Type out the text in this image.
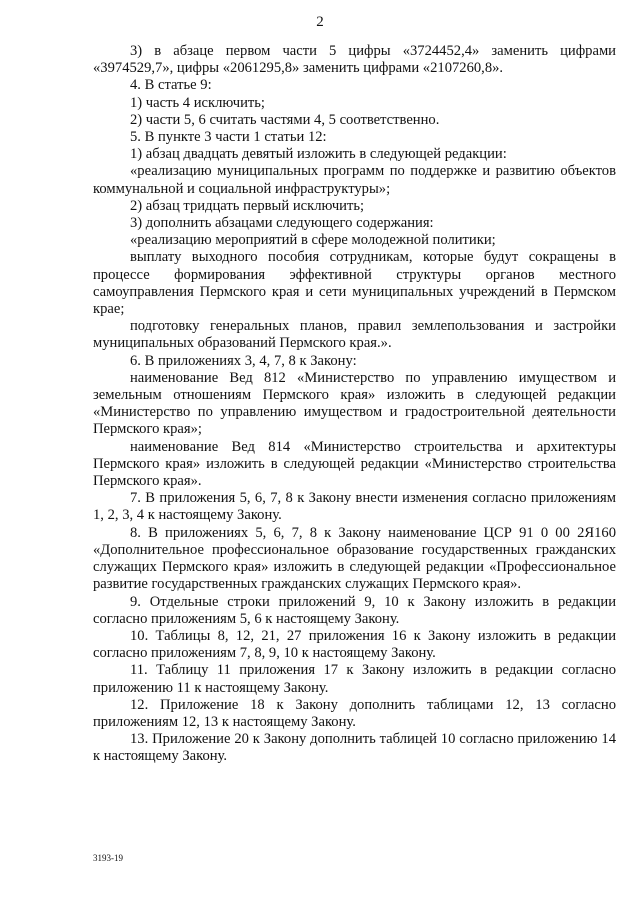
2

3) в абзаце первом части 5 цифры «3724452,4» заменить цифрами «3974529,7», цифры «2061295,8» заменить цифрами «2107260,8».

4. В статье 9:

1) часть 4 исключить;

2) части 5, 6 считать частями 4, 5 соответственно.

5. В пункте 3 части 1 статьи 12:

1) абзац двадцать девятый изложить в следующей редакции:

«реализацию муниципальных программ по поддержке и развитию объектов коммунальной и социальной инфраструктуры»;

2) абзац тридцать первый исключить;

3) дополнить абзацами следующего содержания:

«реализацию мероприятий в сфере молодежной политики;

выплату выходного пособия сотрудникам, которые будут сокращены в процессе формирования эффективной структуры органов местного самоуправления Пермского края и сети муниципальных учреждений в Пермском крае;

подготовку генеральных планов, правил землепользования и застройки муниципальных образований Пермского края.».

6. В приложениях 3, 4, 7, 8 к Закону:

наименование Вед 812 «Министерство по управлению имуществом и земельным отношениям Пермского края» изложить в следующей редакции «Министерство по управлению имуществом и градостроительной деятельности Пермского края»;

наименование Вед 814 «Министерство строительства и архитектуры Пермского края» изложить в следующей редакции «Министерство строительства Пермского края».

7. В приложения 5, 6, 7, 8 к Закону внести изменения согласно приложениям 1, 2, 3, 4 к настоящему Закону.

8. В приложениях 5, 6, 7, 8 к Закону наименование ЦСР 91 0 00 2Я160 «Дополнительное профессиональное образование государственных гражданских служащих Пермского края» изложить в следующей редакции «Профессиональное развитие государственных гражданских служащих Пермского края».

9. Отдельные строки приложений 9, 10 к Закону изложить в редакции согласно приложениям 5, 6 к настоящему Закону.

10. Таблицы 8, 12, 21, 27 приложения 16 к Закону изложить в редакции согласно приложениям 7, 8, 9, 10 к настоящему Закону.

11. Таблицу 11 приложения 17 к Закону изложить в редакции согласно приложению 11 к настоящему Закону.

12. Приложение 18 к Закону дополнить таблицами 12, 13 согласно приложениям 12, 13 к настоящему Закону.

13. Приложение 20 к Закону дополнить таблицей 10 согласно приложению 14 к настоящему Закону.

3193-19
